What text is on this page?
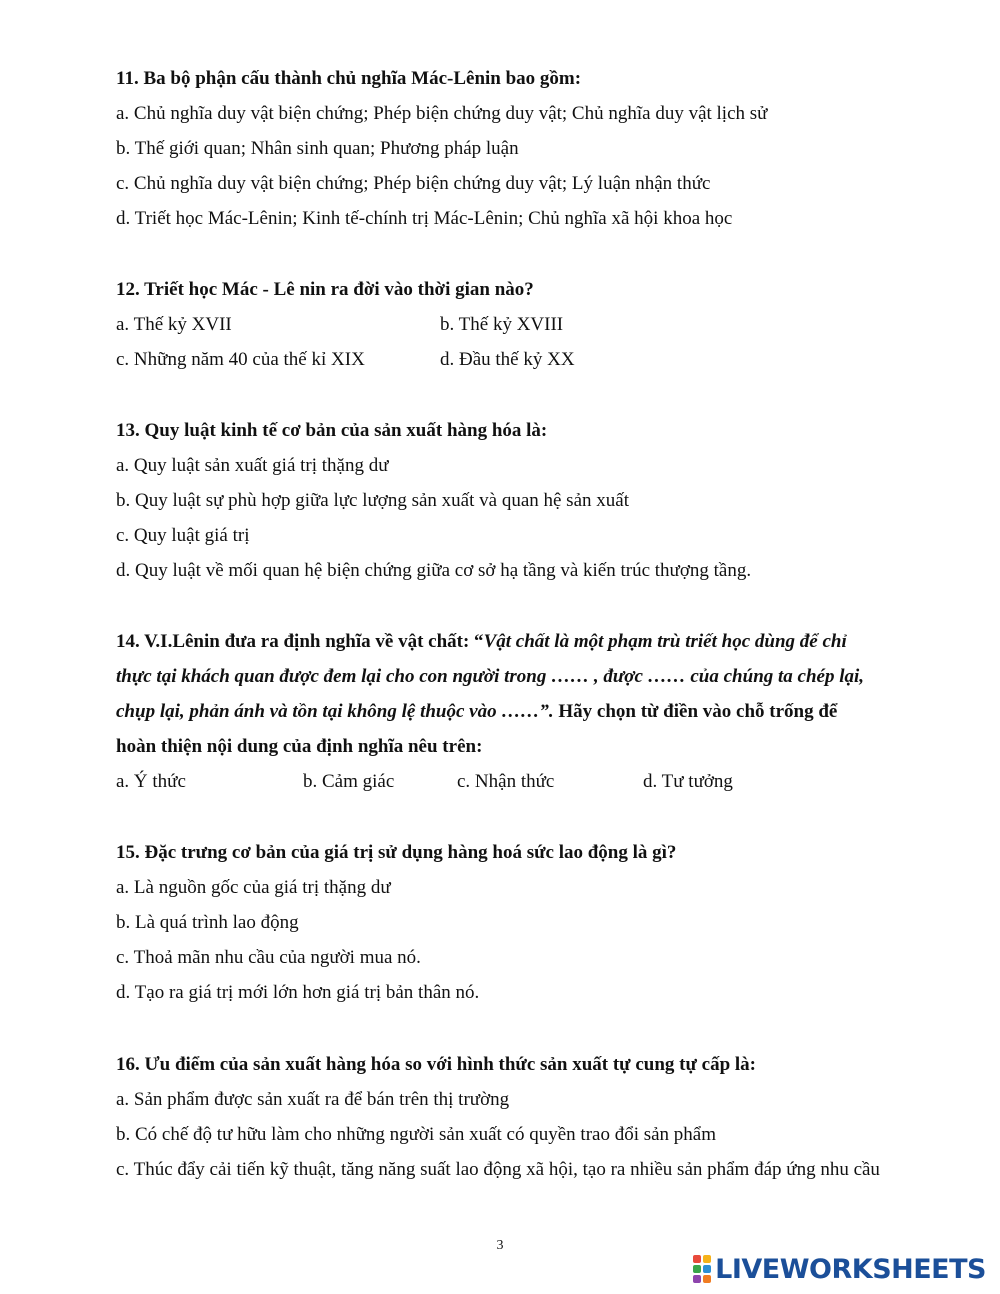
11. Ba bộ phận cấu thành chủ nghĩa Mác-Lênin bao gồm:
a. Chủ nghĩa duy vật biện chứng; Phép biện chứng duy vật; Chủ nghĩa duy vật lịch sử
b. Thế giới quan; Nhân sinh quan; Phương pháp luận
c. Chủ nghĩa duy vật biện chứng; Phép biện chứng duy vật; Lý luận nhận thức
d. Triết học Mác-Lênin; Kinh tế-chính trị Mác-Lênin; Chủ nghĩa xã hội khoa học
12. Triết học Mác - Lê nin ra đời vào thời gian nào?
a. Thế kỷ XVII	b. Thế kỷ XVIII
c. Những năm 40 của thế kỉ XIX	d. Đầu thế kỷ XX
13. Quy luật kinh tế cơ bản của sản xuất hàng hóa là:
a. Quy luật sản xuất giá trị thặng dư
b. Quy luật sự phù hợp giữa lực lượng sản xuất và quan hệ sản xuất
c. Quy luật giá trị
d. Quy luật về mối quan hệ biện chứng giữa cơ sở hạ tầng và kiến trúc thượng tầng.
14. V.I.Lênin đưa ra định nghĩa về vật chất: “Vật chất là một phạm trù triết học dùng để chỉ
thực tại khách quan được đem lại cho con người trong …… , được …… của chúng ta chép lại,
chụp lại, phản ánh và tồn tại không lệ thuộc vào ……”. Hãy chọn từ điền vào chỗ trống để
hoàn thiện nội dung của định nghĩa nêu trên:
a. Ý thức	b. Cảm giác	c. Nhận thức	d. Tư tưởng
15. Đặc trưng cơ bản của giá trị sử dụng hàng hoá sức lao động là gì?
a. Là nguồn gốc của giá trị thặng dư
b. Là quá trình lao động
c. Thoả mãn nhu cầu của người mua nó.
d. Tạo ra giá trị mới lớn hơn giá trị bản thân nó.
16. Ưu điểm của sản xuất hàng hóa so với hình thức sản xuất tự cung tự cấp là:
a. Sản phẩm được sản xuất ra để bán trên thị trường
b. Có chế độ tư hữu làm cho những người sản xuất có quyền trao đổi sản phẩm
c. Thúc đẩy cải tiến kỹ thuật, tăng năng suất lao động xã hội, tạo ra nhiều sản phẩm đáp ứng nhu cầu
3
LIVEWORKSHEETS
